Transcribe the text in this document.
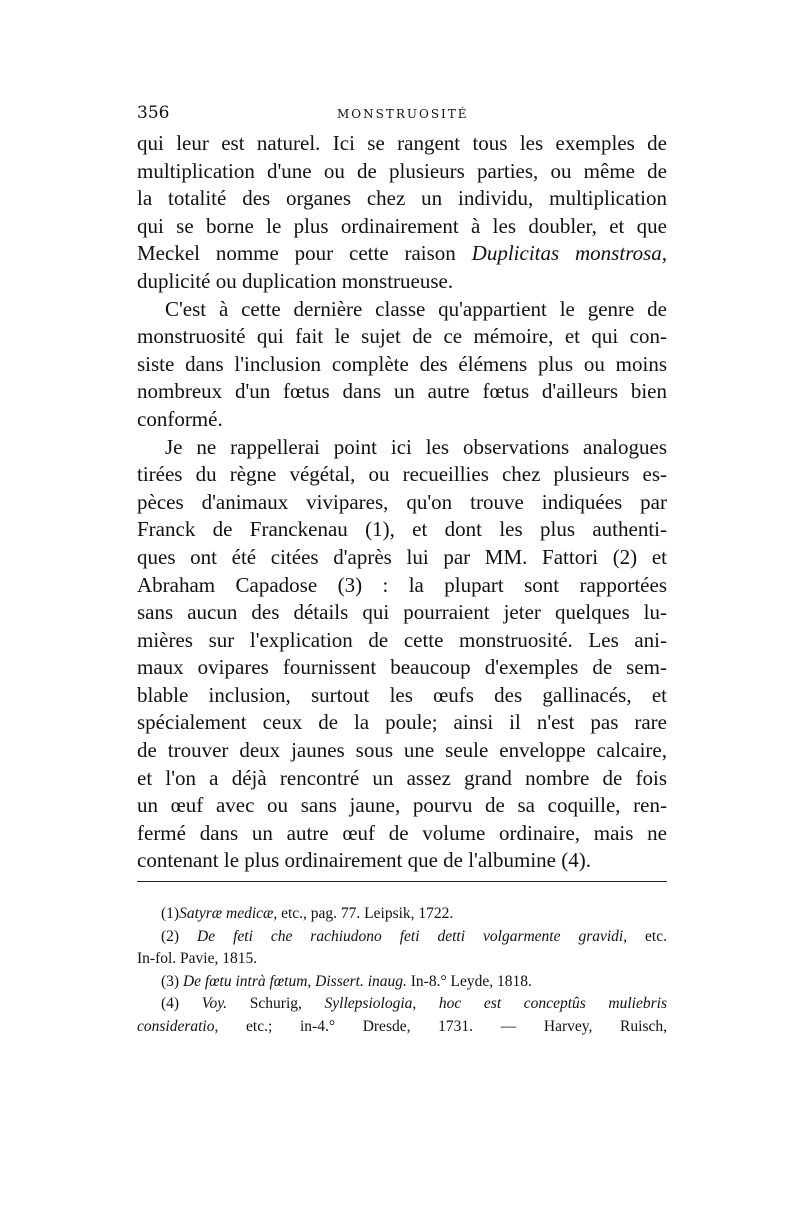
356	MONSTRUOSITÉ
qui leur est naturel. Ici se rangent tous les exemples de
multiplication d'une ou de plusieurs parties, ou même de
la totalité des organes chez un individu, multiplication
qui se borne le plus ordinairement à les doubler, et que
Meckel nomme pour cette raison Duplicitas monstrosa,
duplicité ou duplication monstrueuse.
C'est à cette dernière classe qu'appartient le genre de
monstruosité qui fait le sujet de ce mémoire, et qui con-
siste dans l'inclusion complète des élémens plus ou moins
nombreux d'un fœtus dans un autre fœtus d'ailleurs bien
conformé.
Je ne rappellerai point ici les observations analogues
tirées du règne végétal, ou recueillies chez plusieurs es-
pèces d'animaux vivipares, qu'on trouve indiquées par
Franck de Franckenau (1), et dont les plus authenti-
ques ont été citées d'après lui par MM. Fattori (2) et
Abraham Capadose (3) : la plupart sont rapportées
sans aucun des détails qui pourraient jeter quelques lu-
mières sur l'explication de cette monstruosité. Les ani-
maux ovipares fournissent beaucoup d'exemples de sem-
blable inclusion, surtout les œufs des gallinacés, et
spécialement ceux de la poule; ainsi il n'est pas rare
de trouver deux jaunes sous une seule enveloppe calcaire,
et l'on a déjà rencontré un assez grand nombre de fois
un œuf avec ou sans jaune, pourvu de sa coquille, ren-
fermé dans un autre œuf de volume ordinaire, mais ne
contenant le plus ordinairement que de l'albumine (4).
(1)Satyræ medicæ, etc., pag. 77. Leipsik, 1722.
(2) De feti che rachiudono feti detti volgarmente gravidi, etc.
In-fol. Pavie, 1815.
(3) De fœtu intrà fœtum, Dissert. inaug. In-8.° Leyde, 1818.
(4) Voy. Schurig, Syllepsiologia, hoc est conceptûs muliebris
consideratio, etc.; in-4.° Dresde, 1731. — Harvey, Ruisch,
